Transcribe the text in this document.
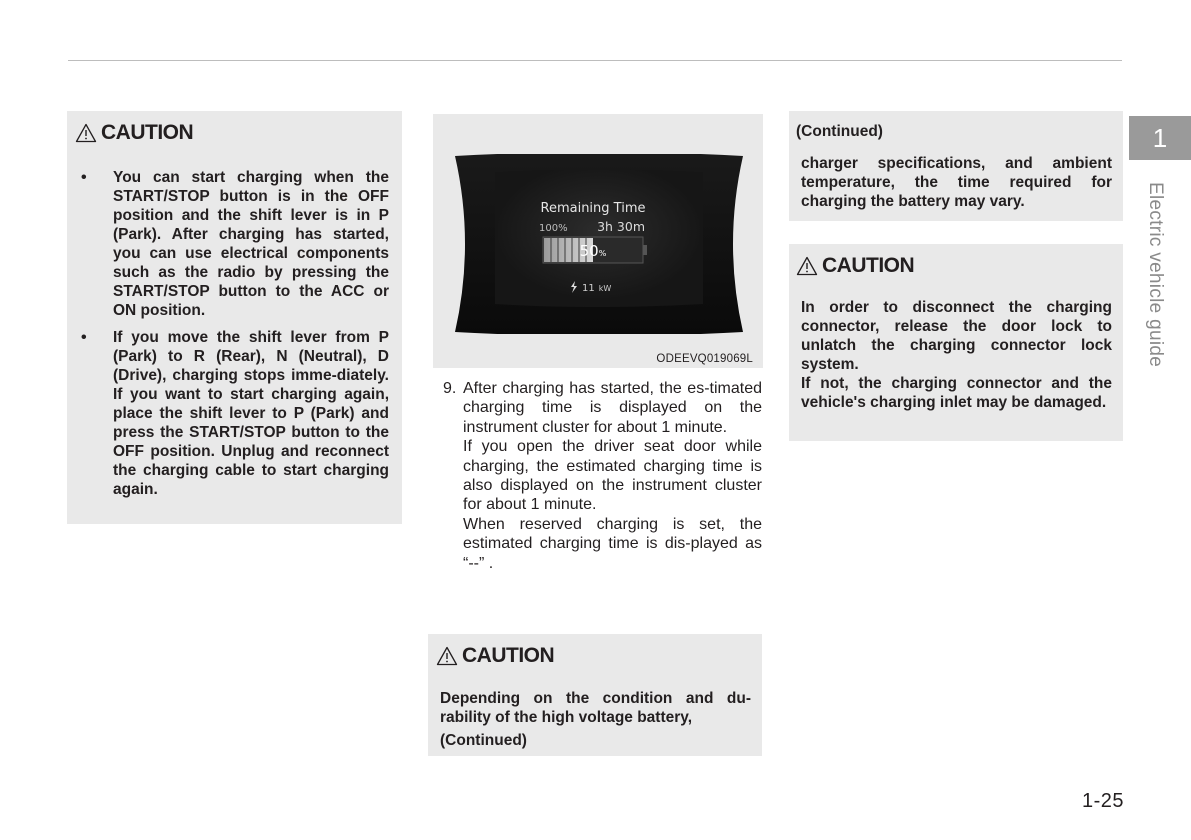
CAUTION
• You can start charging when the START/STOP button is in the OFF position and the shift lever is in P (Park). After charging has started, you can use electrical components such as the radio by pressing the START/STOP button to the ACC or ON position.
• If you move the shift lever from P (Park) to R (Rear), N (Neutral), D (Drive), charging stops imme-diately. If you want to start charging again, place the shift lever to P (Park) and press the START/STOP button to the OFF position. Unplug and reconnect the charging cable to start charging again.
Remaining Time
100% 3h 30m
50%
11 kW
ODEEVQ019069L
9. After charging has started, the es-timated charging time is displayed on the instrument cluster for about 1 minute.

If you open the driver seat door while charging, the estimated charging time is also displayed on the instrument cluster for about 1 minute.

When reserved charging is set, the estimated charging time is dis-played as “--” .

CAUTION
Depending on the condition and du-rability of the high voltage battery,
(Continued)
(Continued)
charger specifications, and ambient temperature, the time required for charging the battery may vary.
CAUTION
In order to disconnect the charging connector, release the door lock to unlatch the charging connector lock system.
If not, the charging connector and the vehicle's charging inlet may be damaged.
1
Electric vehicle guide
1-25
